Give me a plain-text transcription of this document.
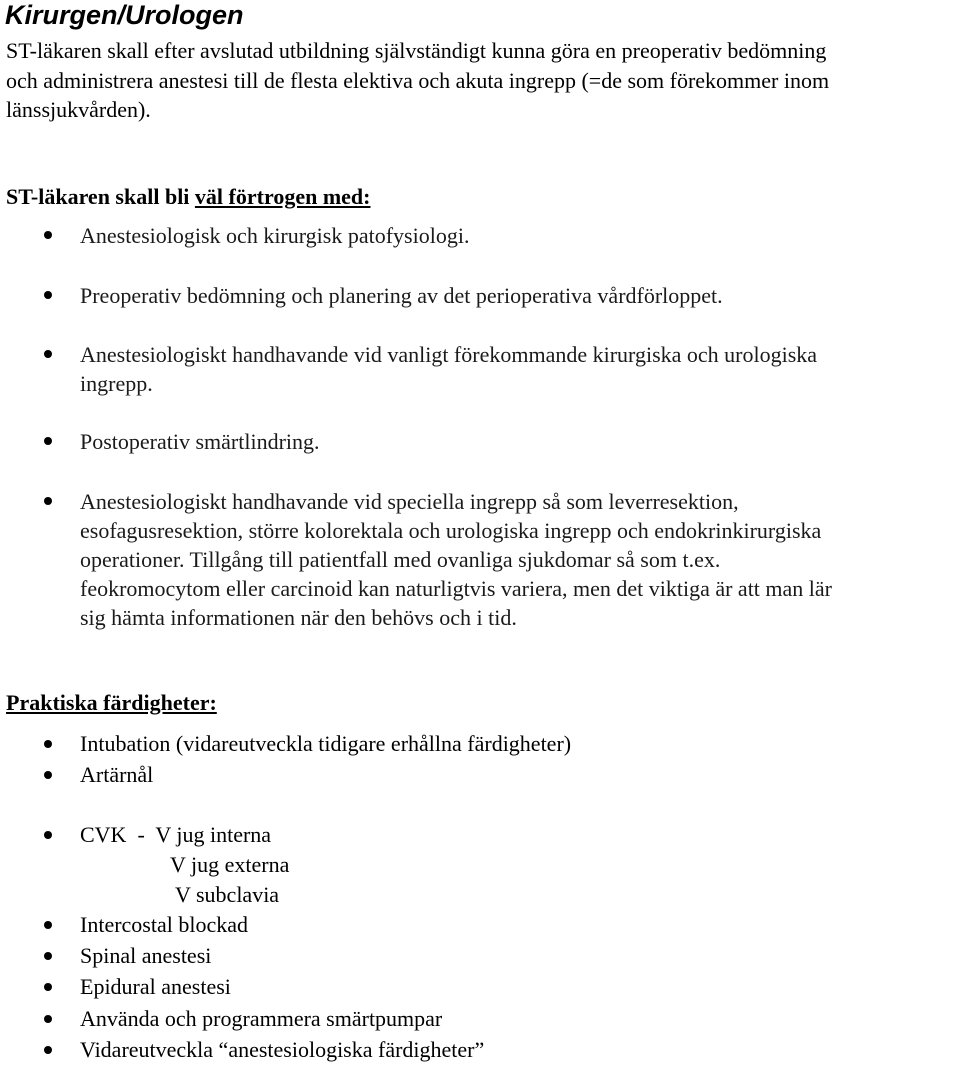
Kirurgen/Urologen

ST-läkaren skall efter avslutad utbildning självständigt kunna göra en preoperativ bedömning
och administrera anestesi till de flesta elektiva och akuta ingrepp (=de som förekommer inom
länssjukvården).

ST-läkaren skall bli väl förtrogen med:
Anestesiologisk och kirurgisk patofysiologi.
Preoperativ bedömning och planering av det perioperativa vårdförloppet.
Anestesiologiskt handhavande vid vanligt förekommande kirurgiska och urologiska
ingrepp.
Postoperativ smärtlindring.
Anestesiologiskt handhavande vid speciella ingrepp så som leverresektion,
esofagusresektion, större kolorektala och urologiska ingrepp och endokrinkirurgiska
operationer. Tillgång till patientfall med ovanliga sjukdomar så som t.ex.
feokromocytom eller carcinoid kan naturligtvis variera, men det viktiga är att man lär
sig hämta informationen när den behövs och i tid.
Praktiska färdigheter:
Intubation (vidareutveckla tidigare erhållna färdigheter)
Artärnål
CVK  -  V jug interna
V jug externa
V subclavia
Intercostal blockad
Spinal anestesi
Epidural anestesi
Använda och programmera smärtpumpar
Vidareutveckla “anestesiologiska färdigheter”
